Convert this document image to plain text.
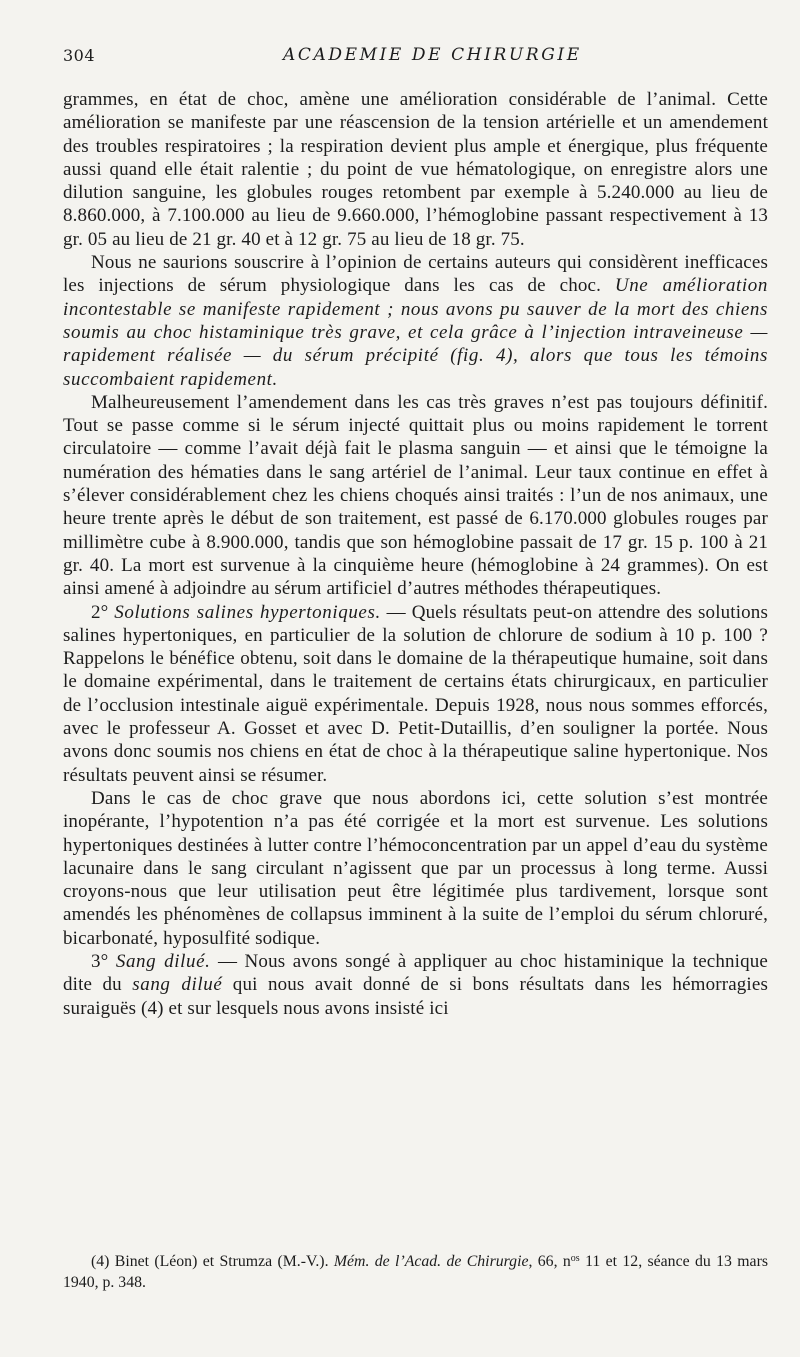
304	ACADEMIE DE CHIRURGIE

grammes, en état de choc, amène une amélioration considérable de l’animal. Cette amélioration se manifeste par une réascension de la tension artérielle et un amendement des troubles respiratoires ; la respiration devient plus ample et énergique, plus fréquente aussi quand elle était ralentie ; du point de vue hématologique, on enregistre alors une dilution sanguine, les globules rouges retombent par exemple à 5.240.000 au lieu de 8.860.000, à 7.100.000 au lieu de 9.660.000, l’hémoglobine passant respectivement à 13 gr. 05 au lieu de 21 gr. 40 et à 12 gr. 75 au lieu de 18 gr. 75.

Nous ne saurions souscrire à l’opinion de certains auteurs qui considèrent inefficaces les injections de sérum physiologique dans les cas de choc. Une amélioration incontestable se manifeste rapidement ; nous avons pu sauver de la mort des chiens soumis au choc histaminique très grave, et cela grâce à l’injection intraveineuse — rapidement réalisée — du sérum précipité (fig. 4), alors que tous les témoins succombaient rapidement.

Malheureusement l’amendement dans les cas très graves n’est pas toujours définitif. Tout se passe comme si le sérum injecté quittait plus ou moins rapidement le torrent circulatoire — comme l’avait déjà fait le plasma sanguin — et ainsi que le témoigne la numération des hématies dans le sang artériel de l’animal. Leur taux continue en effet à s’élever considérablement chez les chiens choqués ainsi traités : l’un de nos animaux, une heure trente après le début de son traitement, est passé de 6.170.000 globules rouges par millimètre cube à 8.900.000, tandis que son hémoglobine passait de 17 gr. 15 p. 100 à 21 gr. 40. La mort est survenue à la cinquième heure (hémoglobine à 24 grammes). On est ainsi amené à adjoindre au sérum artificiel d’autres méthodes thérapeutiques.

2° Solutions salines hypertoniques. — Quels résultats peut-on attendre des solutions salines hypertoniques, en particulier de la solution de chlorure de sodium à 10 p. 100 ? Rappelons le bénéfice obtenu, soit dans le domaine de la thérapeutique humaine, soit dans le domaine expérimental, dans le traitement de certains états chirurgicaux, en particulier de l’occlusion intestinale aiguë expérimentale. Depuis 1928, nous nous sommes efforcés, avec le professeur A. Gosset et avec D. Petit-Dutaillis, d’en souligner la portée. Nous avons donc soumis nos chiens en état de choc à la thérapeutique saline hypertonique. Nos résultats peuvent ainsi se résumer.

Dans le cas de choc grave que nous abordons ici, cette solution s’est montrée inopérante, l’hypotention n’a pas été corrigée et la mort est survenue. Les solutions hypertoniques destinées à lutter contre l’hémoconcentration par un appel d’eau du système lacunaire dans le sang circulant n’agissent que par un processus à long terme. Aussi croyons-nous que leur utilisation peut être légitimée plus tardivement, lorsque sont amendés les phénomènes de collapsus imminent à la suite de l’emploi du sérum chloruré, bicarbonaté, hyposulfité sodique.

3° Sang dilué. — Nous avons songé à appliquer au choc histaminique la technique dite du sang dilué qui nous avait donné de si bons résultats dans les hémorragies suraiguës (4) et sur lesquels nous avons insisté ici

(4) Binet (Léon) et Strumza (M.-V.). Mém. de l’Acad. de Chirurgie, 66, $n^{os}$ 11 et 12, séance du 13 mars 1940, p. 348.
